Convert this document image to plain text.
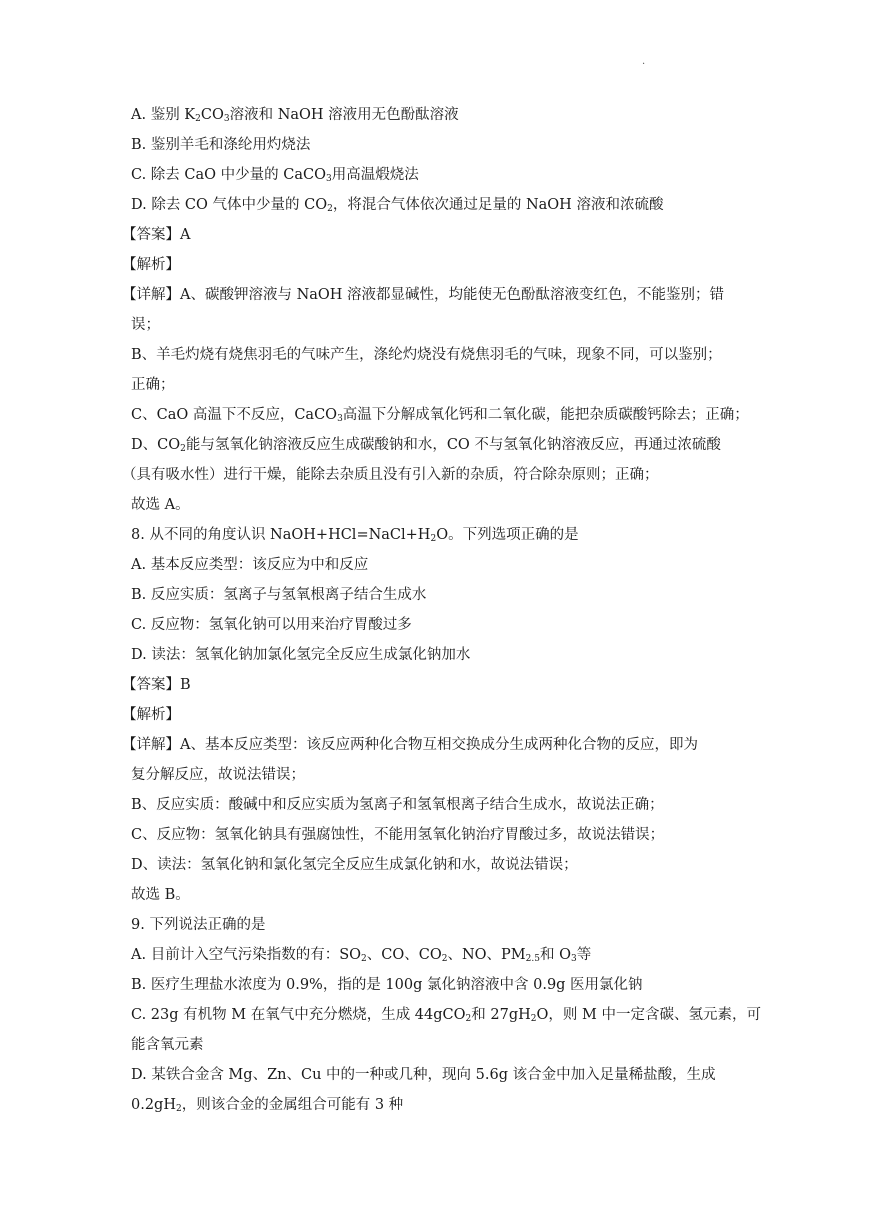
.
A. 鉴别 $K_2CO_3$溶液和 NaOH 溶液用无色酚酞溶液
B. 鉴别羊毛和涤纶用灼烧法
C. 除去 CaO 中少量的 CaCO$_3$用高温煅烧法
D. 除去 CO 气体中少量的 $CO_2$，将混合气体依次通过足量的 NaOH 溶液和浓硫酸
【答案】A
【解析】
【详解】A、碳酸钾溶液与 NaOH 溶液都显碱性，均能使无色酚酞溶液变红色，不能鉴别；错
误；
B、羊毛灼烧有烧焦羽毛的气味产生，涤纶灼烧没有烧焦羽毛的气味，现象不同，可以鉴别；
正确；
C、CaO 高温下不反应，CaCO$_3$高温下分解成氧化钙和二氧化碳，能把杂质碳酸钙除去；正确；
D、$CO_2$能与氢氧化钠溶液反应生成碳酸钠和水，CO 不与氢氧化钠溶液反应，再通过浓硫酸
（具有吸水性）进行干燥，能除去杂质且没有引入新的杂质，符合除杂原则；正确；
故选 A。
8. 从不同的角度认识 $NaOH+HCl=NaCl+H_2O$。下列选项正确的是
A. 基本反应类型：该反应为中和反应
B. 反应实质：氢离子与氢氧根离子结合生成水
C. 反应物：氢氧化钠可以用来治疗胃酸过多
D. 读法：氢氧化钠加氯化氢完全反应生成氯化钠加水
【答案】B
【解析】
【详解】A、基本反应类型：该反应两种化合物互相交换成分生成两种化合物的反应，即为
复分解反应，故说法错误；
B、反应实质：酸碱中和反应实质为氢离子和氢氧根离子结合生成水，故说法正确；
C、反应物：氢氧化钠具有强腐蚀性，不能用氢氧化钠治疗胃酸过多，故说法错误；
D、读法：氢氧化钠和氯化氢完全反应生成氯化钠和水，故说法错误；
故选 B。
9. 下列说法正确的是
A. 目前计入空气污染指数的有：$SO_2$、CO、$CO_2$、NO、$PM_{2.5}$和 $O_3$等
B. 医疗生理盐水浓度为 0.9%，指的是 100g 氯化钠溶液中含 0.9g 医用氯化钠
C. 23g 有机物 M 在氧气中充分燃烧，生成 44gCO$_2$和 $27gH_2O$，则 M 中一定含碳、氢元素，可
能含氧元素
D. 某铁合金含 Mg、Zn、Cu 中的一种或几种，现向 5.6g 该合金中加入足量稀盐酸，生成
$0.2gH_2$，则该合金的金属组合可能有 3 种
